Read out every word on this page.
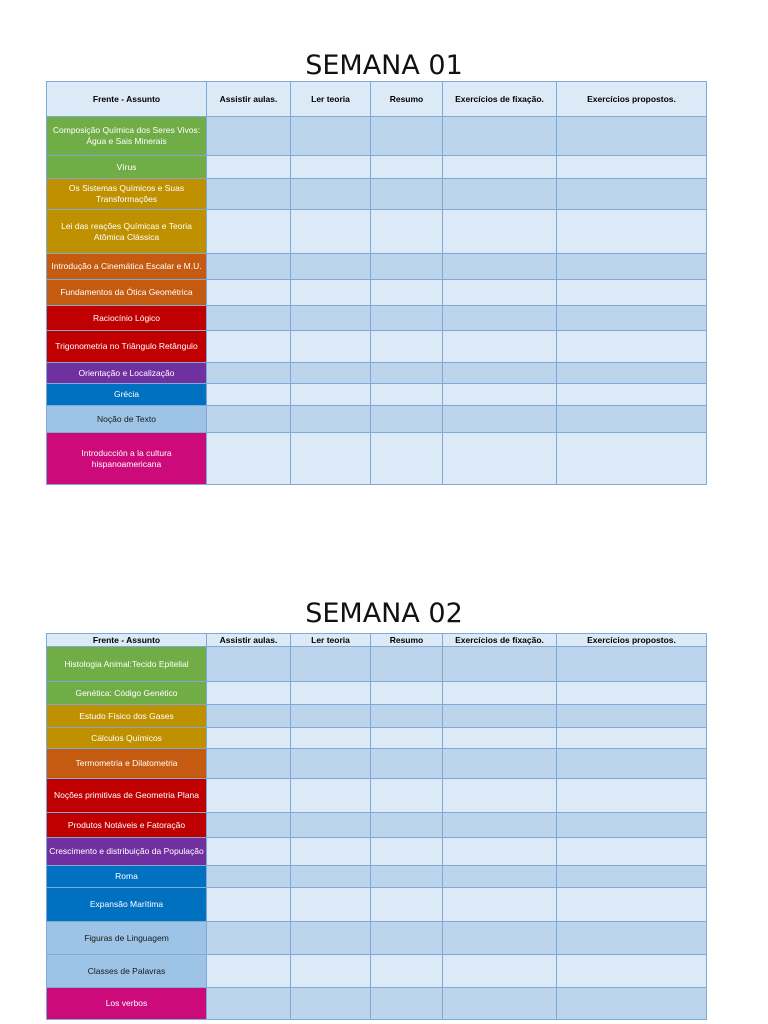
SEMANA 01
Frente - Assunto	Assistir aulas.	Ler teoria	Resumo	Exercícios de fixação.	Exercícios propostos.
Composição Química dos Seres Vivos: Água e Sais Minerais					
Vírus					
Os Sistemas Químicos e Suas Transformações					
Lei das reações Químicas e Teoria Atômica Clássica					
Introdução a Cinemática Escalar e M.U.					
Fundamentos da Ótica Geométrica					
Raciocínio Lógico					
Trigonometria no Triângulo Retângulo					
Orientação e Localização					
Grécia					
Noção de Texto					
Introducción a la cultura hispanoamericana					
SEMANA 02
Frente - Assunto	Assistir aulas.	Ler teoria	Resumo	Exercícios de fixação.	Exercícios propostos.
Histologia Animal:Tecido Epitelial					
Genética: Código Genético					
Estudo Físico dos Gases					
Cálculos Químicos					
Termometria e Dilatometria					
Noções primitivas de Geometria Plana					
Produtos Notáveis e Fatoração					
Crescimento e distribuição da População					
Roma					
Expansão Marítima					
Figuras de Linguagem					
Classes de Palavras					
Los verbos					
